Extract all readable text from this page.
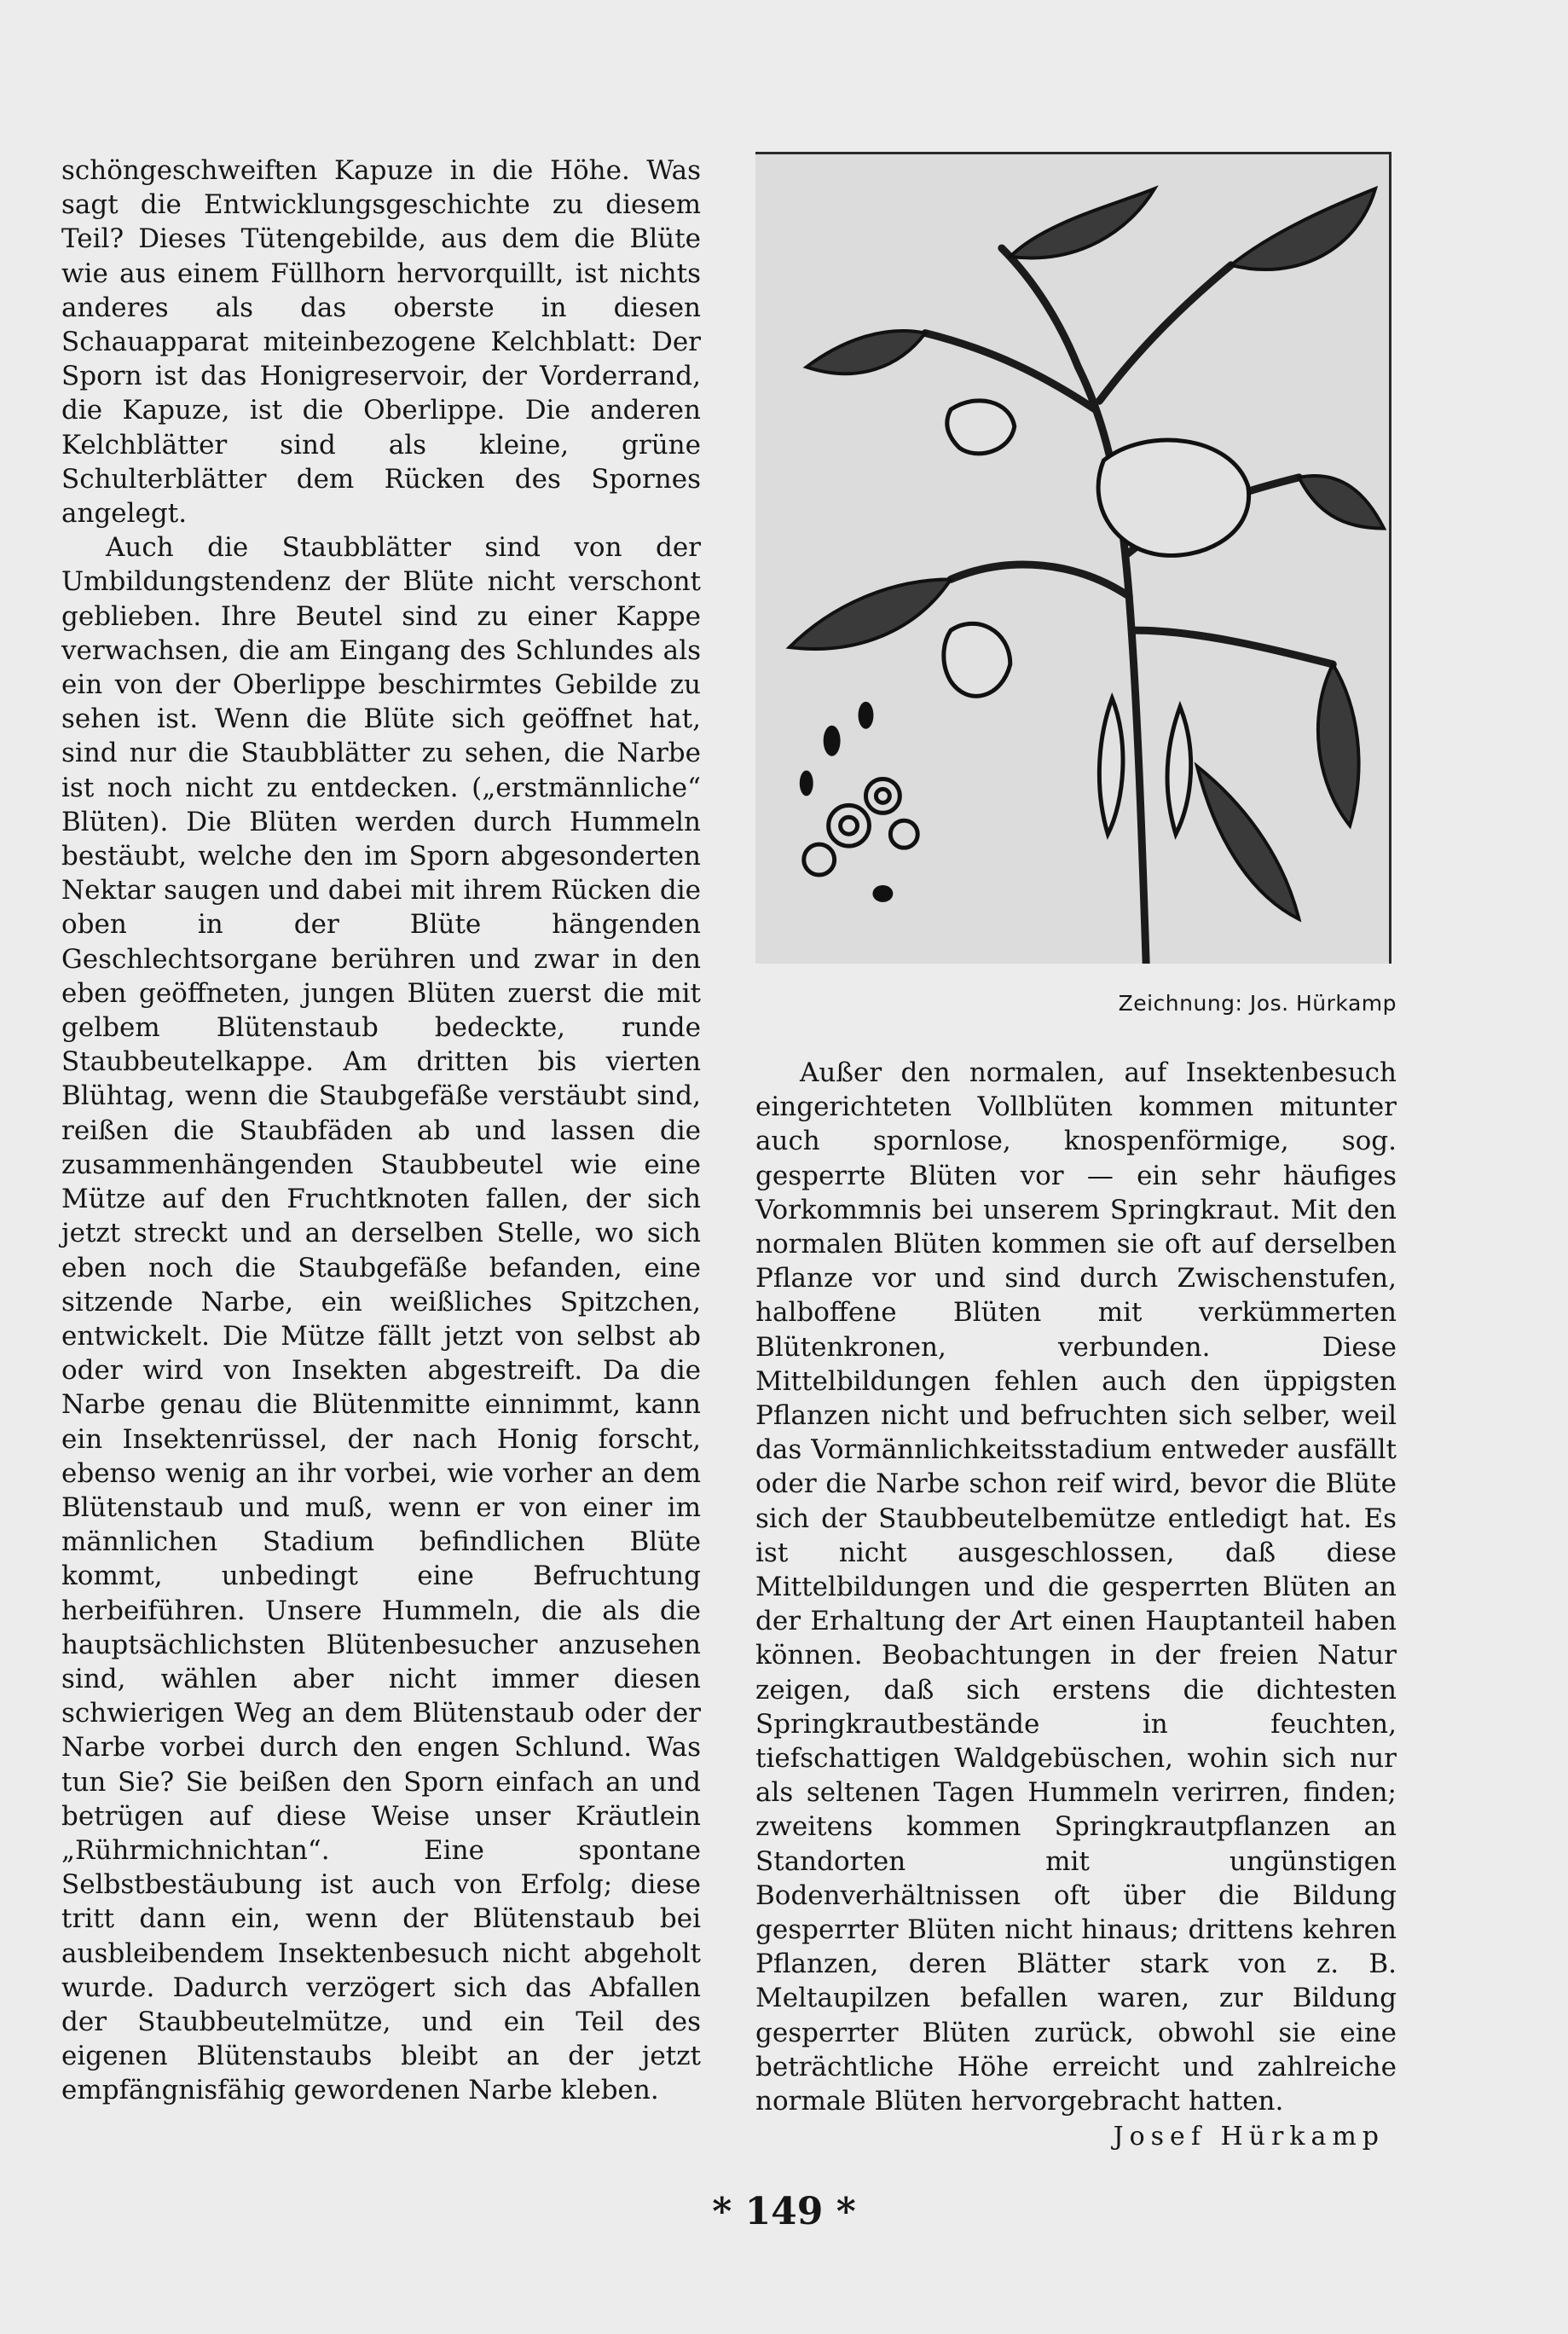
schöngeschweiften Kapuze in die Höhe. Was sagt die Entwicklungsgeschichte zu diesem Teil? Dieses Tütengebilde, aus dem die Blüte wie aus einem Füllhorn hervorquillt, ist nichts anderes als das oberste in diesen Schauapparat miteinbezogene Kelchblatt: Der Sporn ist das Honigreservoir, der Vorderrand, die Kapuze, ist die Oberlippe. Die anderen Kelchblätter sind als kleine, grüne Schulterblätter dem Rücken des Spornes angelegt.

Auch die Staubblätter sind von der Umbildungstendenz der Blüte nicht verschont geblieben. Ihre Beutel sind zu einer Kappe verwachsen, die am Eingang des Schlundes als ein von der Oberlippe beschirmtes Gebilde zu sehen ist. Wenn die Blüte sich geöffnet hat, sind nur die Staubblätter zu sehen, die Narbe ist noch nicht zu entdecken. („erstmännliche“ Blüten). Die Blüten werden durch Hummeln bestäubt, welche den im Sporn abgesonderten Nektar saugen und dabei mit ihrem Rücken die oben in der Blüte hängenden Geschlechtsorgane berühren und zwar in den eben geöffneten, jungen Blüten zuerst die mit gelbem Blütenstaub bedeckte, runde Staubbeutelkappe. Am dritten bis vierten Blühtag, wenn die Staubgefäße verstäubt sind, reißen die Staubfäden ab und lassen die zusammenhängenden Staubbeutel wie eine Mütze auf den Fruchtknoten fallen, der sich jetzt streckt und an derselben Stelle, wo sich eben noch die Staubgefäße befanden, eine sitzende Narbe, ein weißliches Spitzchen, entwickelt. Die Mütze fällt jetzt von selbst ab oder wird von Insekten abgestreift. Da die Narbe genau die Blütenmitte einnimmt, kann ein Insektenrüssel, der nach Honig forscht, ebenso wenig an ihr vorbei, wie vorher an dem Blütenstaub und muß, wenn er von einer im männlichen Stadium befindlichen Blüte kommt, unbedingt eine Befruchtung herbeiführen. Unsere Hummeln, die als die hauptsächlichsten Blütenbesucher anzusehen sind, wählen aber nicht immer diesen schwierigen Weg an dem Blütenstaub oder der Narbe vorbei durch den engen Schlund. Was tun Sie? Sie beißen den Sporn einfach an und betrügen auf diese Weise unser Kräutlein „Rührmichnichtan“. Eine spontane Selbstbestäubung ist auch von Erfolg; diese tritt dann ein, wenn der Blütenstaub bei ausbleibendem Insektenbesuch nicht abgeholt wurde. Dadurch verzögert sich das Abfallen der Staubbeutelmütze, und ein Teil des eigenen Blütenstaubs bleibt an der jetzt empfängnisfähig gewordenen Narbe kleben.

Zeichnung: Jos. Hürkamp

Außer den normalen, auf Insektenbesuch eingerichteten Vollblüten kommen mitunter auch spornlose, knospenförmige, sog. gesperrte Blüten vor — ein sehr häufiges Vorkommnis bei unserem Springkraut. Mit den normalen Blüten kommen sie oft auf derselben Pflanze vor und sind durch Zwischenstufen, halboffene Blüten mit verkümmerten Blütenkronen, verbunden. Diese Mittelbildungen fehlen auch den üppigsten Pflanzen nicht und befruchten sich selber, weil das Vormännlichkeitsstadium entweder ausfällt oder die Narbe schon reif wird, bevor die Blüte sich der Staubbeutelbemütze entledigt hat. Es ist nicht ausgeschlossen, daß diese Mittelbildungen und die gesperrten Blüten an der Erhaltung der Art einen Hauptanteil haben können. Beobachtungen in der freien Natur zeigen, daß sich erstens die dichtesten Springkrautbestände in feuchten, tiefschattigen Waldgebüschen, wohin sich nur als seltenen Tagen Hummeln verirren, finden; zweitens kommen Springkrautpflanzen an Standorten mit ungünstigen Bodenverhältnissen oft über die Bildung gesperrter Blüten nicht hinaus; drittens kehren Pflanzen, deren Blätter stark von z. B. Meltaupilzen befallen waren, zur Bildung gesperrter Blüten zurück, obwohl sie eine beträchtliche Höhe erreicht und zahlreiche normale Blüten hervorgebracht hatten.

Josef Hürkamp
* 149 *
